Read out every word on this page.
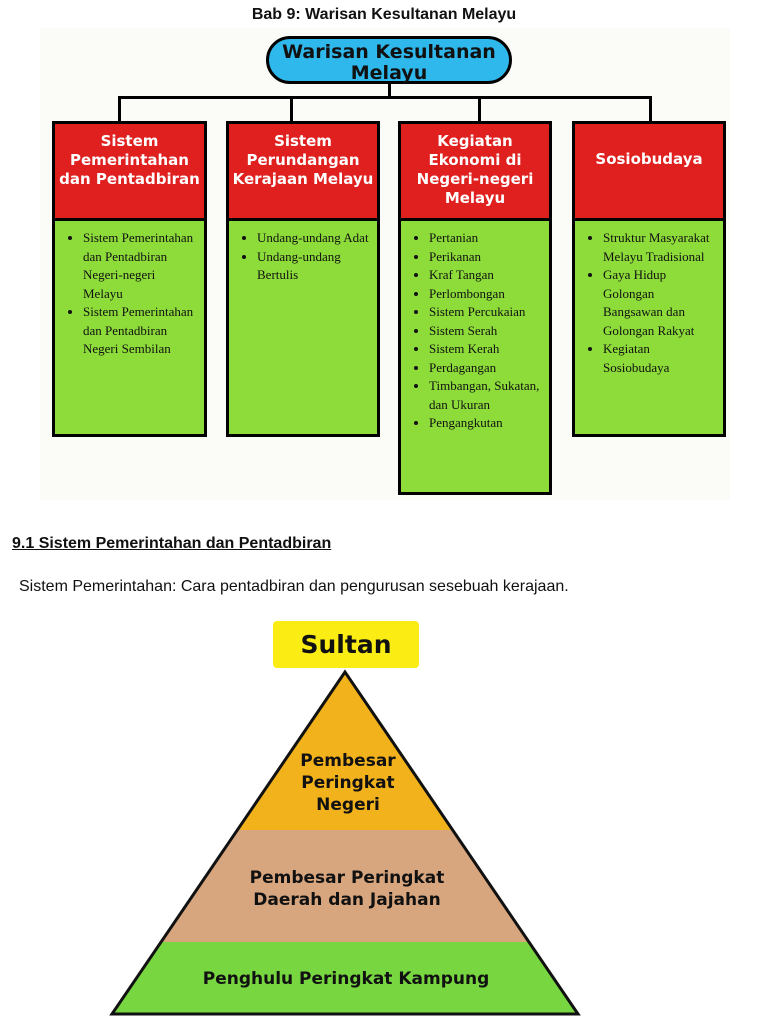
Bab 9: Warisan Kesultanan Melayu
Warisan Kesultanan Melayu
Sistem Pemerintahan dan Pentadbiran
• Sistem Pemerintahan dan Pentadbiran Negeri-negeri Melayu
• Sistem Pemerintahan dan Pentadbiran Negeri Sembilan
Sistem Perundangan Kerajaan Melayu
• Undang-undang Adat
• Undang-undang Bertulis
Kegiatan Ekonomi di Negeri-negeri Melayu
• Pertanian
• Perikanan
• Kraf Tangan
• Perlombongan
• Sistem Percukaian
• Sistem Serah
• Sistem Kerah
• Perdagangan
• Timbangan, Sukatan, dan Ukuran
• Pengangkutan
Sosiobudaya
• Struktur Masyarakat Melayu Tradisional
• Gaya Hidup Golongan Bangsawan dan Golongan Rakyat
• Kegiatan Sosiobudaya
9.1 Sistem Pemerintahan dan Pentadbiran
Sistem Pemerintahan: Cara pentadbiran dan pengurusan sesebuah kerajaan.
Sultan
Pembesar Peringkat Negeri
Pembesar Peringkat Daerah dan Jajahan
Penghulu Peringkat Kampung
